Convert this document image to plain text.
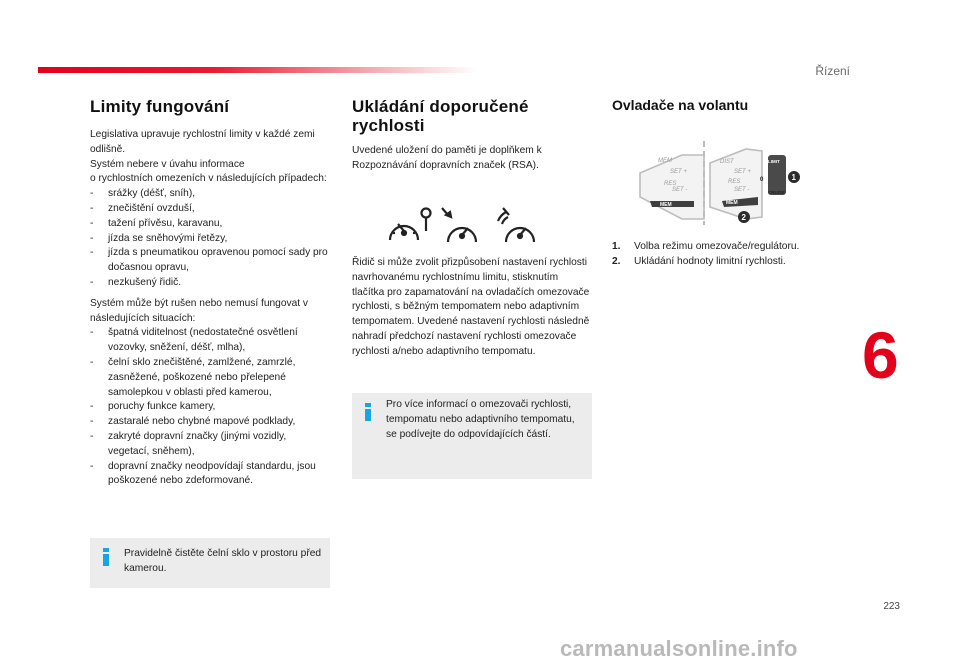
Řízení
6
223
Limity fungování

Legislativa upravuje rychlostní limity v každé zemi odlišně.

Systém nebere v úvahu informace

o rychlostních omezeních v následujících případech:

- srážky (déšť, sníh),
- znečištění ovzduší,
- tažení přívěsu, karavanu,
- jízda se sněhovými řetězy,
- jízda s pneumatikou opravenou pomocí sady pro dočasnou opravu,
- nezkušený řidič.

Systém může být rušen nebo nemusí fungovat v následujících situacích:

- špatná viditelnost (nedostatečné osvětlení vozovky, sněžení, déšť, mlha),
- čelní sklo znečištěné, zamlžené, zamrzlé, zasněžené, poškozené nebo přelepené samolepkou v oblasti před kamerou,
- poruchy funkce kamery,
- zastaralé nebo chybné mapové podklady,
- zakryté dopravní značky (jinými vozidly, vegetací, sněhem),
- dopravní značky neodpovídají standardu, jsou poškozené nebo zdeformované.
Pravidelně čistěte čelní sklo v prostoru před kamerou.
Ukládání doporučené
rychlosti

Uvedené uložení do paměti je doplňkem k Rozpoznávání dopravních značek (RSA).

Řidič si může zvolit přizpůsobení nastavení rychlosti navrhovanému rychlostnímu limitu, stisknutím tlačítka pro zapamatování na ovladačích omezovače rychlosti, s běžným tempomatem nebo adaptivním tempomatem. Uvedené nastavení rychlosti následně nahradí předchozí nastavení rychlosti omezovače rychlosti a/nebo adaptivního tempomatu.

Pro více informací o omezovači rychlosti, tempomatu nebo adaptivního tempomatu, se podívejte do odpovídajících částí.
Ovladače na volantu
MEM
SET +
RES
SET -
DIST
SET +
RES
SET -
MEM	MEM
0
LIMIT
CRUISE
1
2
1. Volba režimu omezovače/regulátoru.
2. Ukládání hodnoty limitní rychlosti.
carmanualsonline.info
